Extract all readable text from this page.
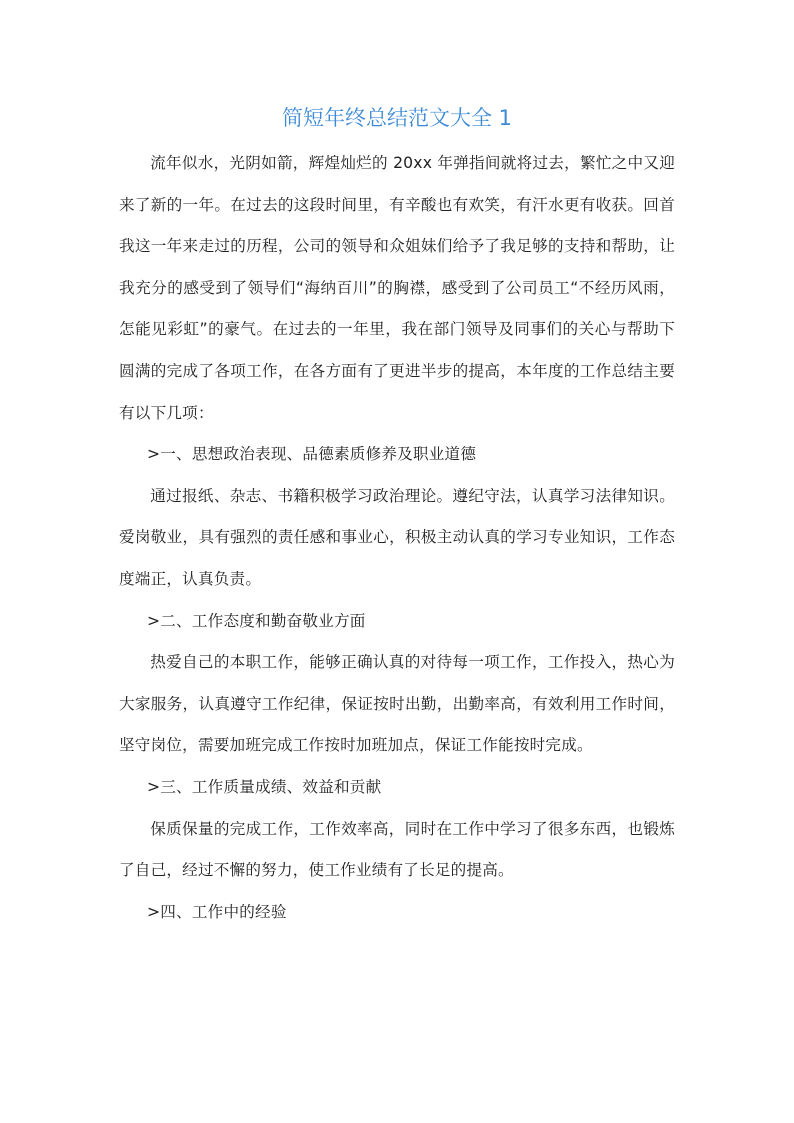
简短年终总结范文大全 1

流年似水，光阴如箭，辉煌灿烂的 20xx 年弹指间就将过去，繁忙之中又迎来了新的一年。在过去的这段时间里，有辛酸也有欢笑，有汗水更有收获。回首我这一年来走过的历程，公司的领导和众姐妹们给予了我足够的支持和帮助，让我充分的感受到了领导们“海纳百川”的胸襟，感受到了公司员工“不经历风雨，怎能见彩虹”的豪气。在过去的一年里，我在部门领导及同事们的关心与帮助下圆满的完成了各项工作，在各方面有了更进半步的提高，本年度的工作总结主要有以下几项：

>一、思想政治表现、品德素质修养及职业道德

通过报纸、杂志、书籍积极学习政治理论。遵纪守法，认真学习法律知识。爱岗敬业，具有强烈的责任感和事业心，积极主动认真的学习专业知识，工作态度端正，认真负责。

>二、工作态度和勤奋敬业方面

热爱自己的本职工作，能够正确认真的对待每一项工作，工作投入，热心为大家服务，认真遵守工作纪律，保证按时出勤，出勤率高，有效利用工作时间，坚守岗位，需要加班完成工作按时加班加点，保证工作能按时完成。

>三、工作质量成绩、效益和贡献

保质保量的完成工作，工作效率高，同时在工作中学习了很多东西，也锻炼了自己，经过不懈的努力，使工作业绩有了长足的提高。

>四、工作中的经验
